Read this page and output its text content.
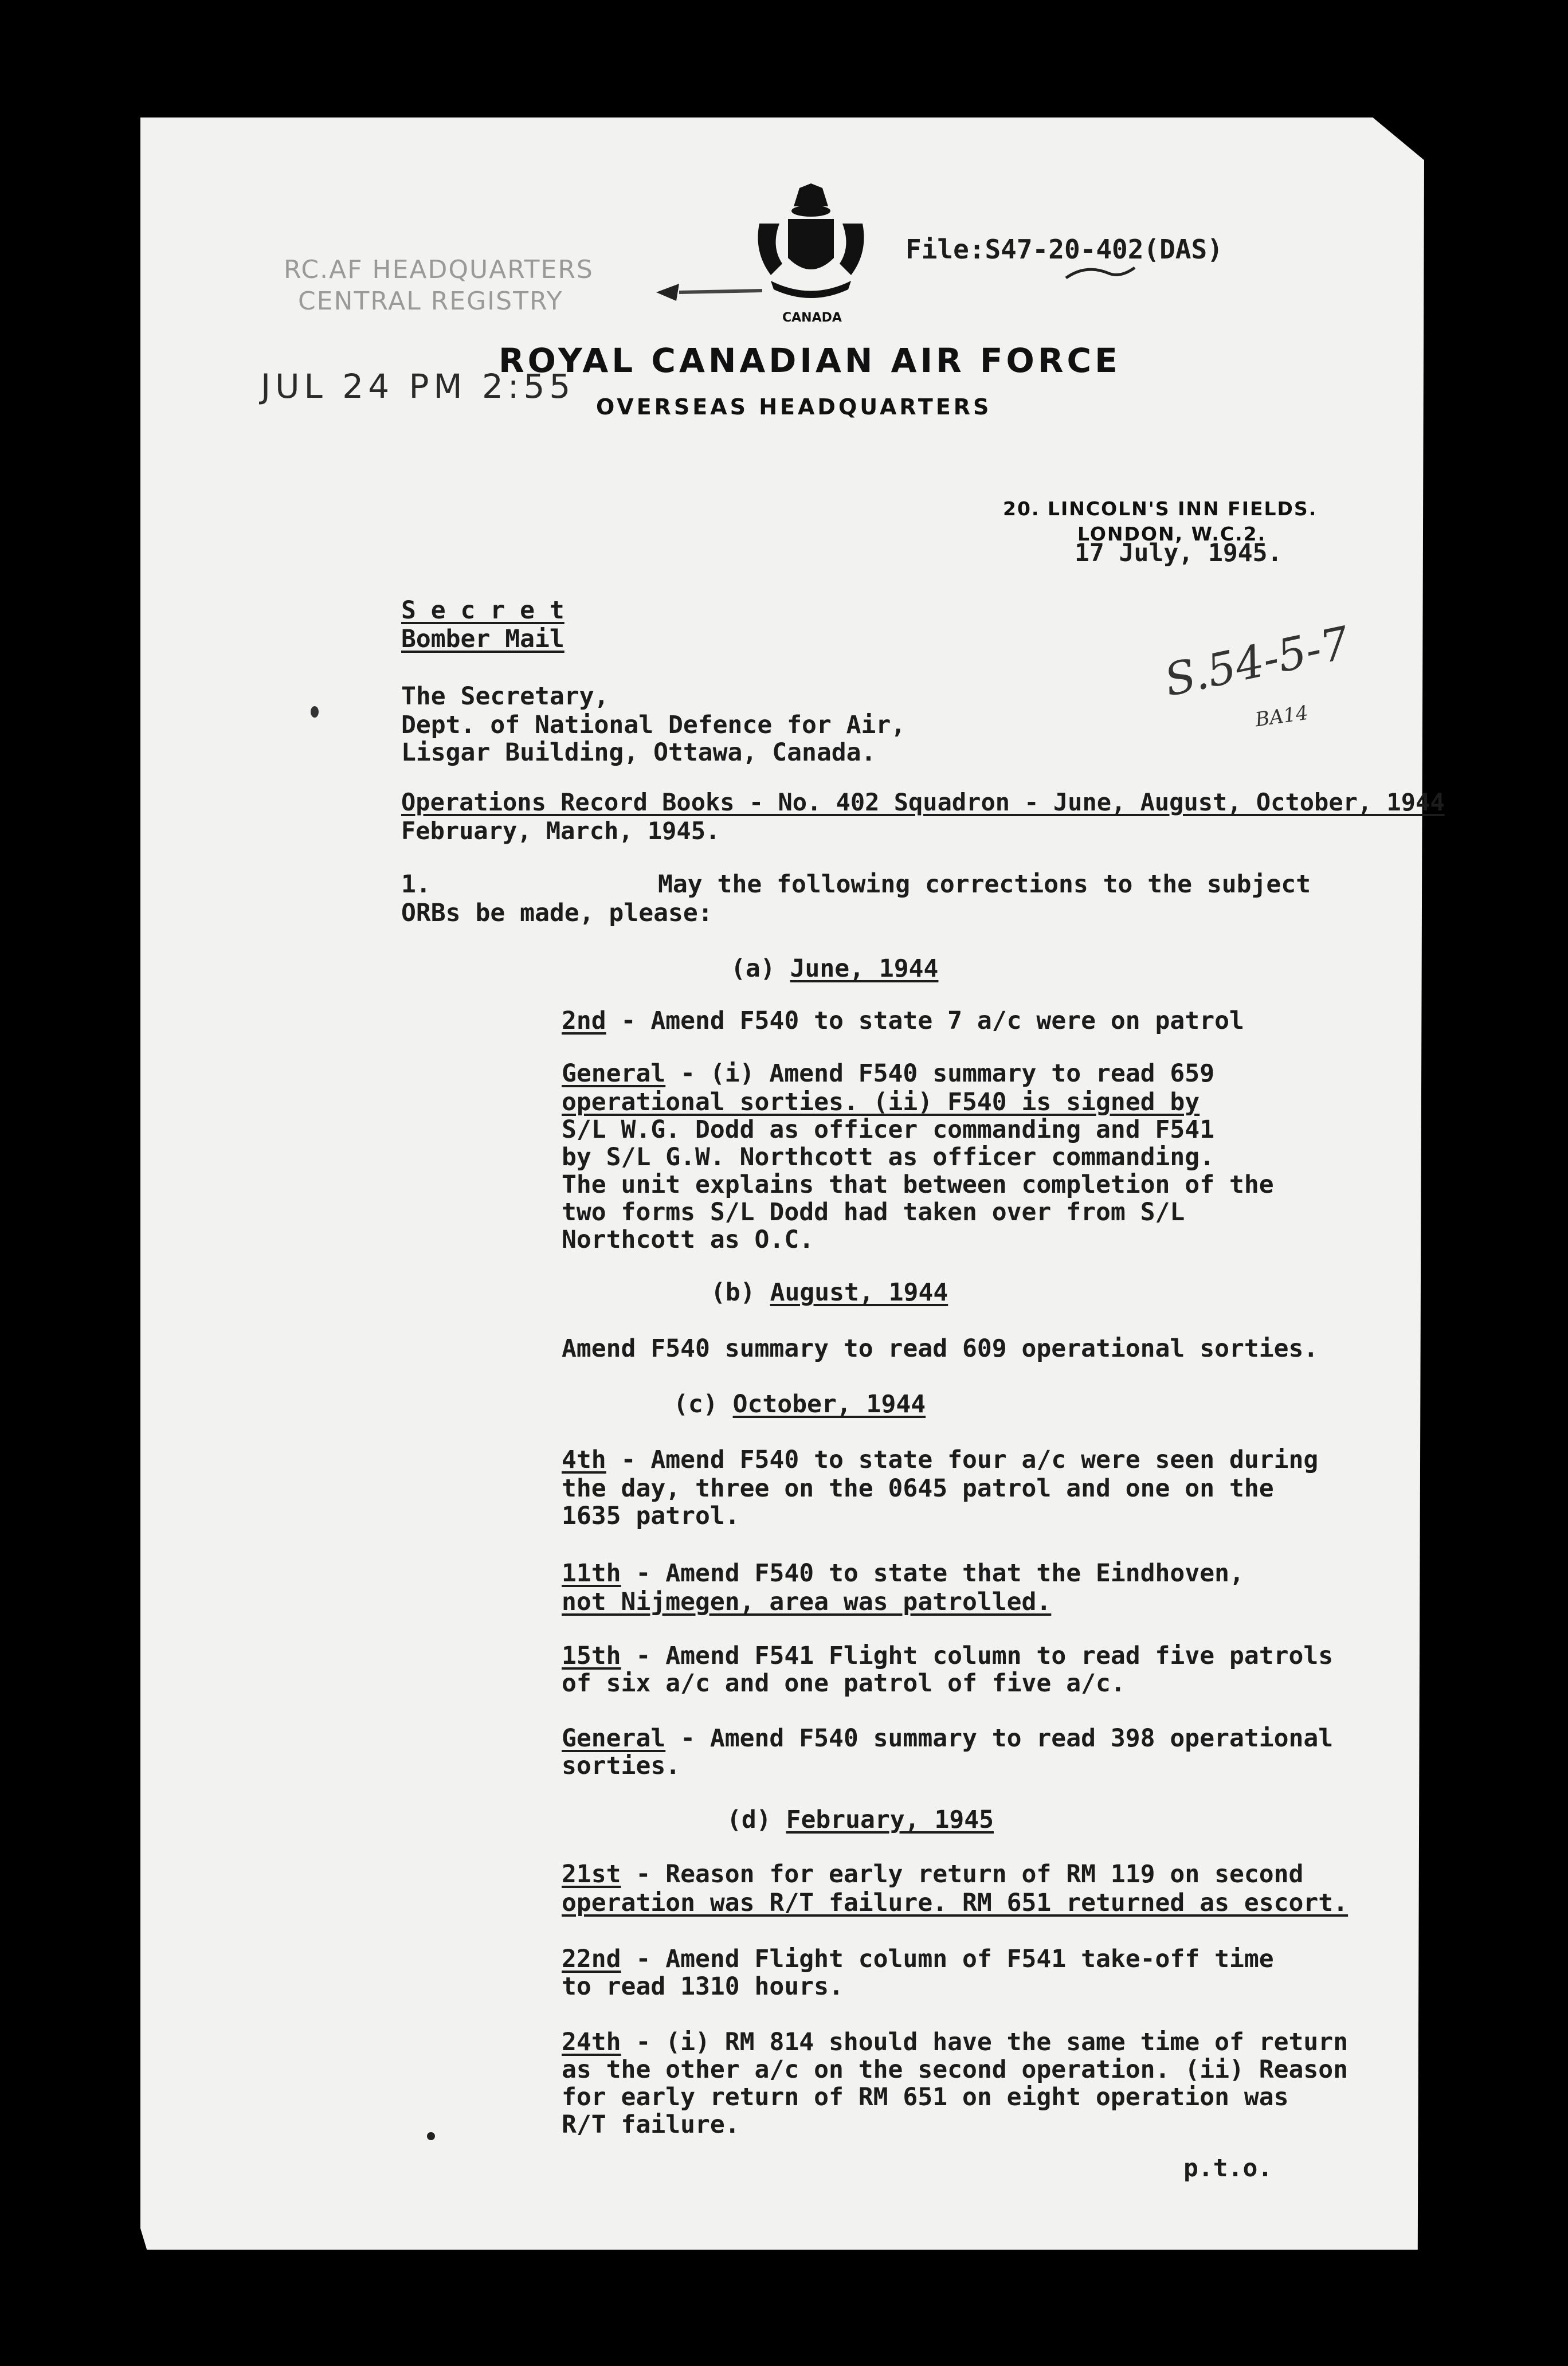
RC.AF HEADQUARTERS
CENTRAL REGISTRY
JUL 24 PM 2:55
CANADA
File:S47-20-402(DAS)
ROYAL CANADIAN AIR FORCE
OVERSEAS HEADQUARTERS
20. LINCOLN'S INN FIELDS.
LONDON, W.C.2.
17 July, 1945.
S e c r e t
Bomber Mail	S.54-5-7
BA14
The Secretary,
Dept. of National Defence for Air,
Lisgar Building, Ottawa, Canada.
Operations Record Books - No. 402 Squadron - June, August, October, 1944
February, March, 1945.
1.	May the following corrections to the subject
ORBs be made, please:
(a) June, 1944
2nd - Amend F540 to state 7 a/c were on patrol
General - (i) Amend F540 summary to read 659
operational sorties. (ii) F540 is signed by
S/L W.G. Dodd as officer commanding and F541
by S/L G.W. Northcott as officer commanding.
The unit explains that between completion of the
two forms S/L Dodd had taken over from S/L
Northcott as O.C.
(b) August, 1944
Amend F540 summary to read 609 operational sorties.
(c) October, 1944
4th - Amend F540 to state four a/c were seen during
the day, three on the 0645 patrol and one on the
1635 patrol.
11th - Amend F540 to state that the Eindhoven,
not Nijmegen, area was patrolled.
15th - Amend F541 Flight column to read five patrols
of six a/c and one patrol of five a/c.
General - Amend F540 summary to read 398 operational
sorties.
(d) February, 1945
21st - Reason for early return of RM 119 on second
operation was R/T failure. RM 651 returned as escort.
22nd - Amend Flight column of F541 take-off time
to read 1310 hours.
24th - (i) RM 814 should have the same time of return
as the other a/c on the second operation. (ii) Reason
for early return of RM 651 on eight operation was
R/T failure.
p.t.o.
